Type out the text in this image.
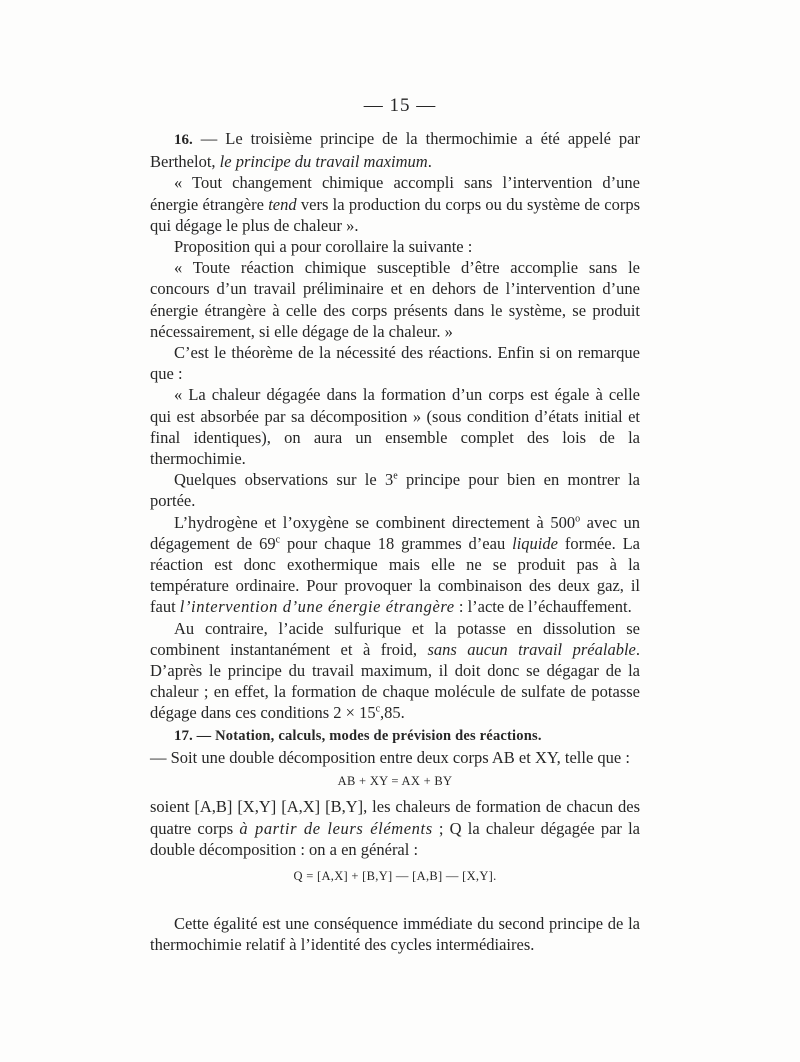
— 15 —

16. — Le troisième principe de la thermochimie a été appelé par Berthelot, le principe du travail maximum.

« Tout changement chimique accompli sans l’intervention d’une énergie étrangère tend vers la production du corps ou du système de corps qui dégage le plus de chaleur ».

Proposition qui a pour corollaire la suivante :

« Toute réaction chimique susceptible d’être accomplie sans le concours d’un travail préliminaire et en dehors de l’intervention d’une énergie étrangère à celle des corps présents dans le système, se produit nécessairement, si elle dégage de la chaleur. »

C’est le théorème de la nécessité des réactions. Enfin si on remarque que :

« La chaleur dégagée dans la formation d’un corps est égale à celle qui est absorbée par sa décomposition » (sous condition d’états initial et final identiques), on aura un ensemble complet des lois de la thermochimie.

Quelques observations sur le 3e principe pour bien en montrer la portée.

L’hydrogène et l’oxygène se combinent directement à 500$^o$ avec un dégagement de 69$^c$ pour chaque 18 grammes d’eau liquide formée. La réaction est donc exothermique mais elle ne se produit pas à la température ordinaire. Pour provoquer la combinaison des deux gaz, il faut l’intervention d’une énergie étrangère : l’acte de l’échauffement.

Au contraire, l’acide sulfurique et la potasse en dissolution se combinent instantanément et à froid, sans aucun travail préalable. D’après le principe du travail maximum, il doit donc se dégagar de la chaleur ; en effet, la formation de chaque molécule de sulfate de potasse dégage dans ces conditions $2 \times 15^c,85$.

17. — Notation, calculs, modes de prévision des réactions.

— Soit une double décomposition entre deux corps AB et XY, telle que :

AB + XY = AX + BY

soient [A,B] [X,Y] [A,X] [B,Y], les chaleurs de formation de chacun des quatre corps à partir de leurs éléments ; Q la chaleur dégagée par la double décomposition : on a en général :

Q = [A,X] + [B,Y] — [A,B] — [X,Y].

Cette égalité est une conséquence immédiate du second principe de la thermochimie relatif à l’identité des cycles intermédiaires.
